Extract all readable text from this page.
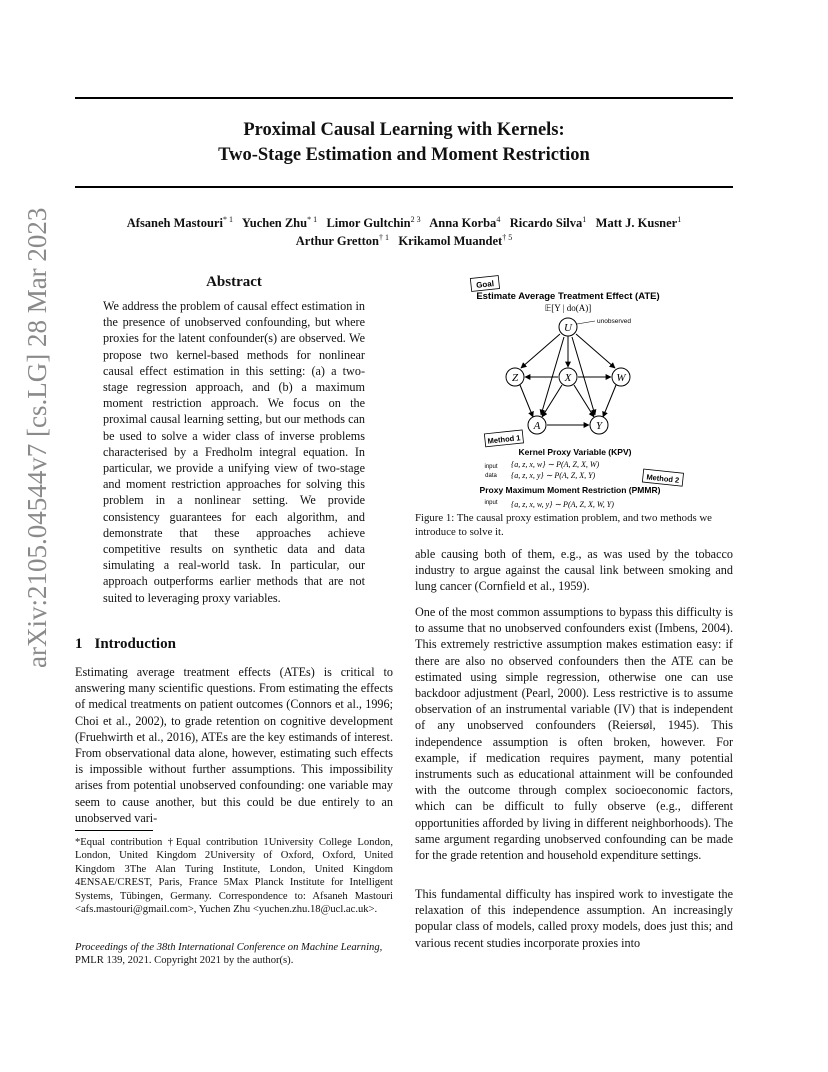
Proximal Causal Learning with Kernels:
Two-Stage Estimation and Moment Restriction
Afsaneh Mastouri$^{* 1}$ Yuchen Zhu$^{* 1}$ Limor Gultchin$^{2 3}$ Anna Korba$^4$ Ricardo Silva$^1$ Matt J. Kusner$^1$
Arthur Gretton$^{\dagger 1}$ Krikamol Muandet$^{\dagger 5}$
arXiv:2105.04544v7 [cs.LG] 28 Mar 2023	Abstract
We address the problem of causal effect estimation in the presence of unobserved confounding, but where proxies for the latent confounder(s) are observed. We propose two kernel-based methods for nonlinear causal effect estimation in this setting: (a) a two-stage regression approach, and (b) a maximum moment restriction approach. We focus on the proximal causal learning setting, but our methods can be used to solve a wider class of inverse problems characterised by a Fredholm integral equation. In particular, we provide a unifying view of two-stage and moment restriction approaches for solving this problem in a nonlinear setting. We provide consistency guarantees for each algorithm, and demonstrate that these approaches achieve competitive results on synthetic data and data simulating a real-world task. In particular, our approach outperforms earlier methods that are not suited to leveraging proxy variables.
1 Introduction
Estimating average treatment effects (ATEs) is critical to answering many scientific questions. From estimating the effects of medical treatments on patient outcomes (Connors et al., 1996; Choi et al., 2002), to grade retention on cognitive development (Fruehwirth et al., 2016), ATEs are the key estimands of interest. From observational data alone, however, estimating such effects is impossible without further assumptions. This impossibility arises from potential unobserved confounding: one variable may seem to cause another, but this could be due entirely to an unobserved vari-
*Equal contribution †Equal contribution 1University College London, London, United Kingdom 2University of Oxford, Oxford, United Kingdom 3The Alan Turing Institute, London, United Kingdom 4ENSAE/CREST, Paris, France 5Max Planck Institute for Intelligent Systems, Tübingen, Germany. Correspondence to: Afsaneh Mastouri <afs.mastouri@gmail.com>, Yuchen Zhu <yuchen.zhu.18@ucl.ac.uk>.
Proceedings of the 38th International Conference on Machine Learning, PMLR 139, 2021. Copyright 2021 by the author(s).
Goal
Estimate Average Treatment Effect (ATE)
𝔼[Y | do(A)]
U
Z	X	W
A	Y
unobserved
Method 1
Kernel Proxy Variable (KPV)
input
data
{a, z, x, w} ∼ P(A, Z, X, W)
{a, z, x, y} ∼ P(A, Z, X, Y)	Method 2
Proxy Maximum Moment Restriction (PMMR)
input {a, z, x, w, y} ∼ P(A, Z, X, W, Y)
Figure 1: The causal proxy estimation problem, and two methods we introduce to solve it.
able causing both of them, e.g., as was used by the tobacco industry to argue against the causal link between smoking and lung cancer (Cornfield et al., 1959).
One of the most common assumptions to bypass this difficulty is to assume that no unobserved confounders exist (Imbens, 2004). This extremely restrictive assumption makes estimation easy: if there are also no observed confounders then the ATE can be estimated using simple regression, otherwise one can use backdoor adjustment (Pearl, 2000). Less restrictive is to assume observation of an instrumental variable (IV) that is independent of any unobserved confounders (Reiersøl, 1945). This independence assumption is often broken, however. For example, if medication requires payment, many potential instruments such as educational attainment will be confounded with the outcome through complex socioeconomic factors, which can be difficult to fully observe (e.g., different opportunities afforded by living in different neighborhoods). The same argument regarding unobserved confounding can be made for the grade retention and household expenditure settings.
This fundamental difficulty has inspired work to investigate the relaxation of this independence assumption. An increasingly popular class of models, called proxy models, does just this; and various recent studies incorporate proxies into
